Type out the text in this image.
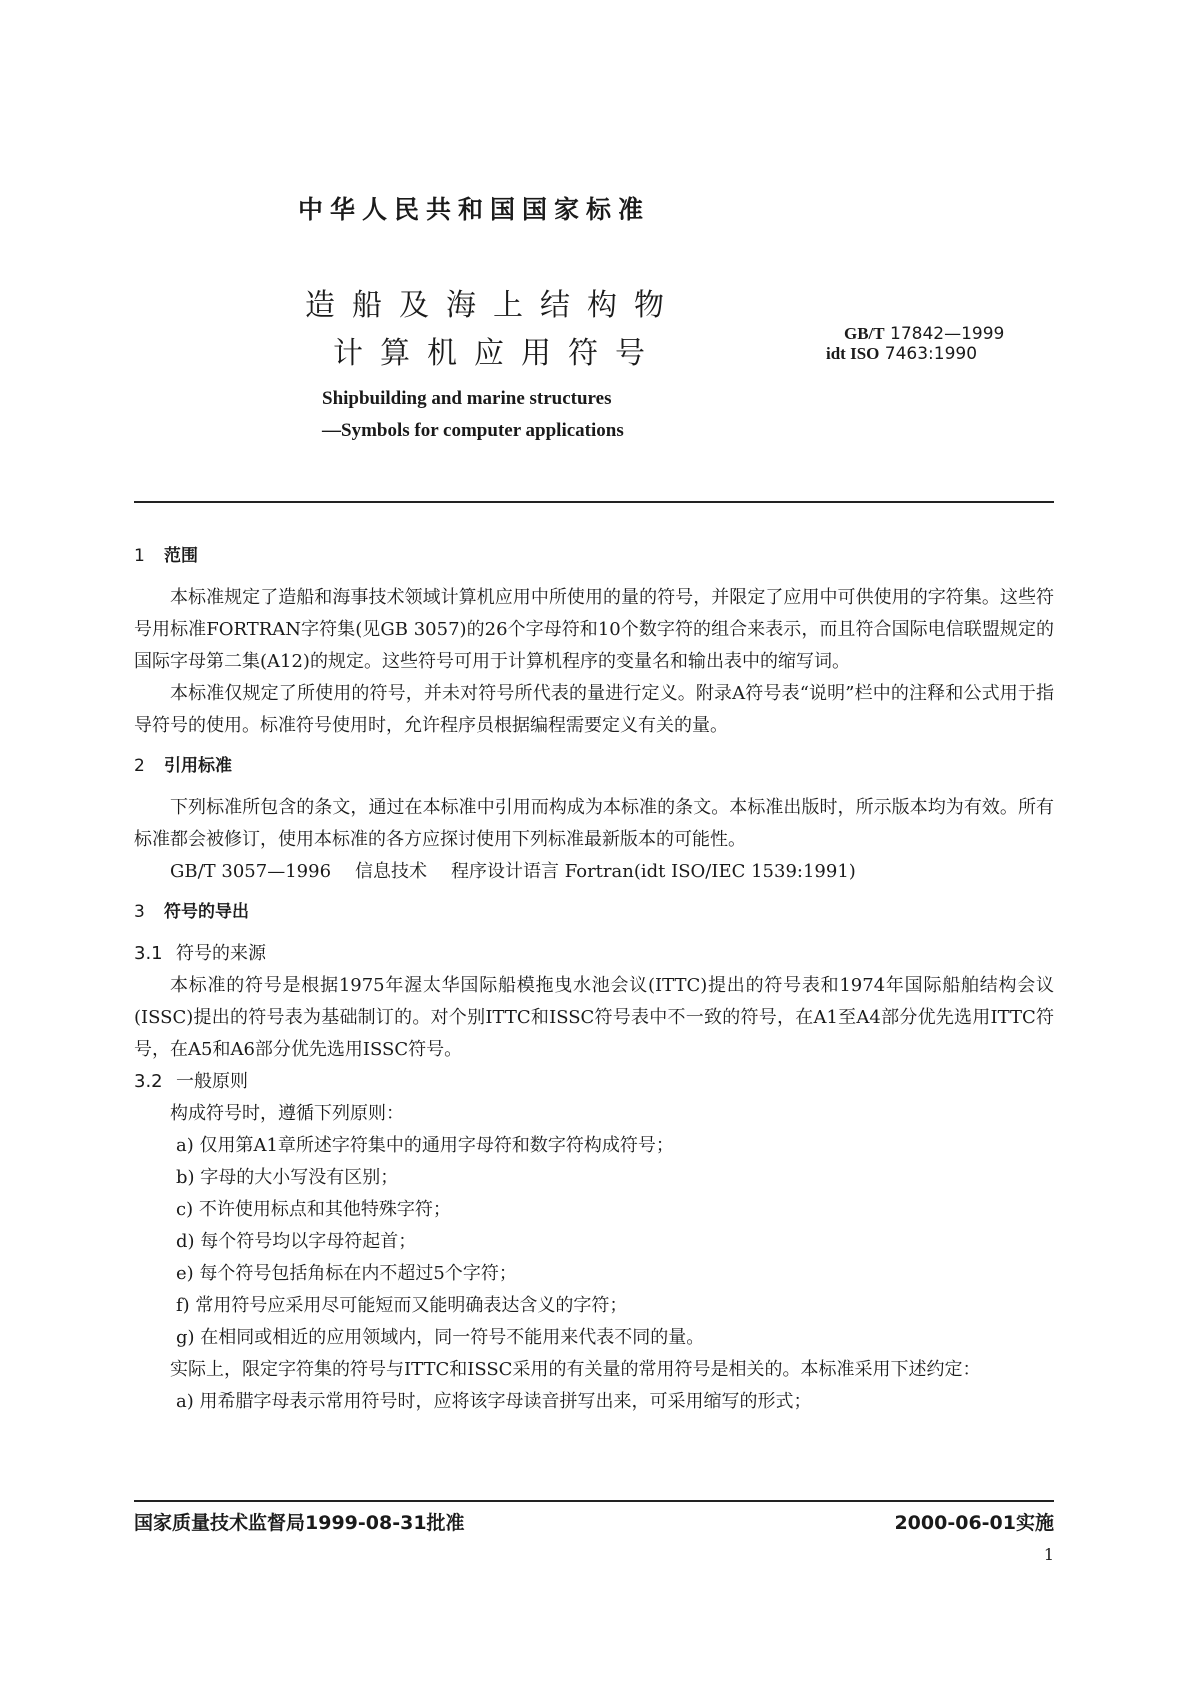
中华人民共和国国家标准
造船及海上结构物
计算机应用符号
GB/T 17842—1999
idt ISO 7463:1990
Shipbuilding and marine structures
—Symbols for computer applications
1 范围

本标准规定了造船和海事技术领域计算机应用中所使用的量的符号，并限定了应用中可供使用的字符集。这些符号用标准FORTRAN字符集(见GB 3057)的26个字母符和10个数字符的组合来表示，而且符合国际电信联盟规定的国际字母第二集(A12)的规定。这些符号可用于计算机程序的变量名和输出表中的缩写词。

本标准仅规定了所使用的符号，并未对符号所代表的量进行定义。附录A符号表“说明”栏中的注释和公式用于指导符号的使用。标准符号使用时，允许程序员根据编程需要定义有关的量。

2 引用标准

下列标准所包含的条文，通过在本标准中引用而构成为本标准的条文。本标准出版时，所示版本均为有效。所有标准都会被修订，使用本标准的各方应探讨使用下列标准最新版本的可能性。

GB/T 3057—1996 信息技术 程序设计语言 Fortran(idt ISO/IEC 1539:1991)

3 符号的导出

3.1 符号的来源

本标准的符号是根据1975年渥太华国际船模拖曳水池会议(ITTC)提出的符号表和1974年国际船舶结构会议(ISSC)提出的符号表为基础制订的。对个别ITTC和ISSC符号表中不一致的符号，在A1至A4部分优先选用ITTC符号，在A5和A6部分优先选用ISSC符号。

3.2 一般原则

构成符号时，遵循下列原则：

a) 仅用第A1章所述字符集中的通用字母符和数字符构成符号；

b) 字母的大小写没有区别；

c) 不许使用标点和其他特殊字符；

d) 每个符号均以字母符起首；

e) 每个符号包括角标在内不超过5个字符；

f) 常用符号应采用尽可能短而又能明确表达含义的字符；

g) 在相同或相近的应用领域内，同一符号不能用来代表不同的量。

实际上，限定字符集的符号与ITTC和ISSC采用的有关量的常用符号是相关的。本标准采用下述约定：

a) 用希腊字母表示常用符号时，应将该字母读音拼写出来，可采用缩写的形式；

国家质量技术监督局1999-08-31批准	2000-06-01实施
1
